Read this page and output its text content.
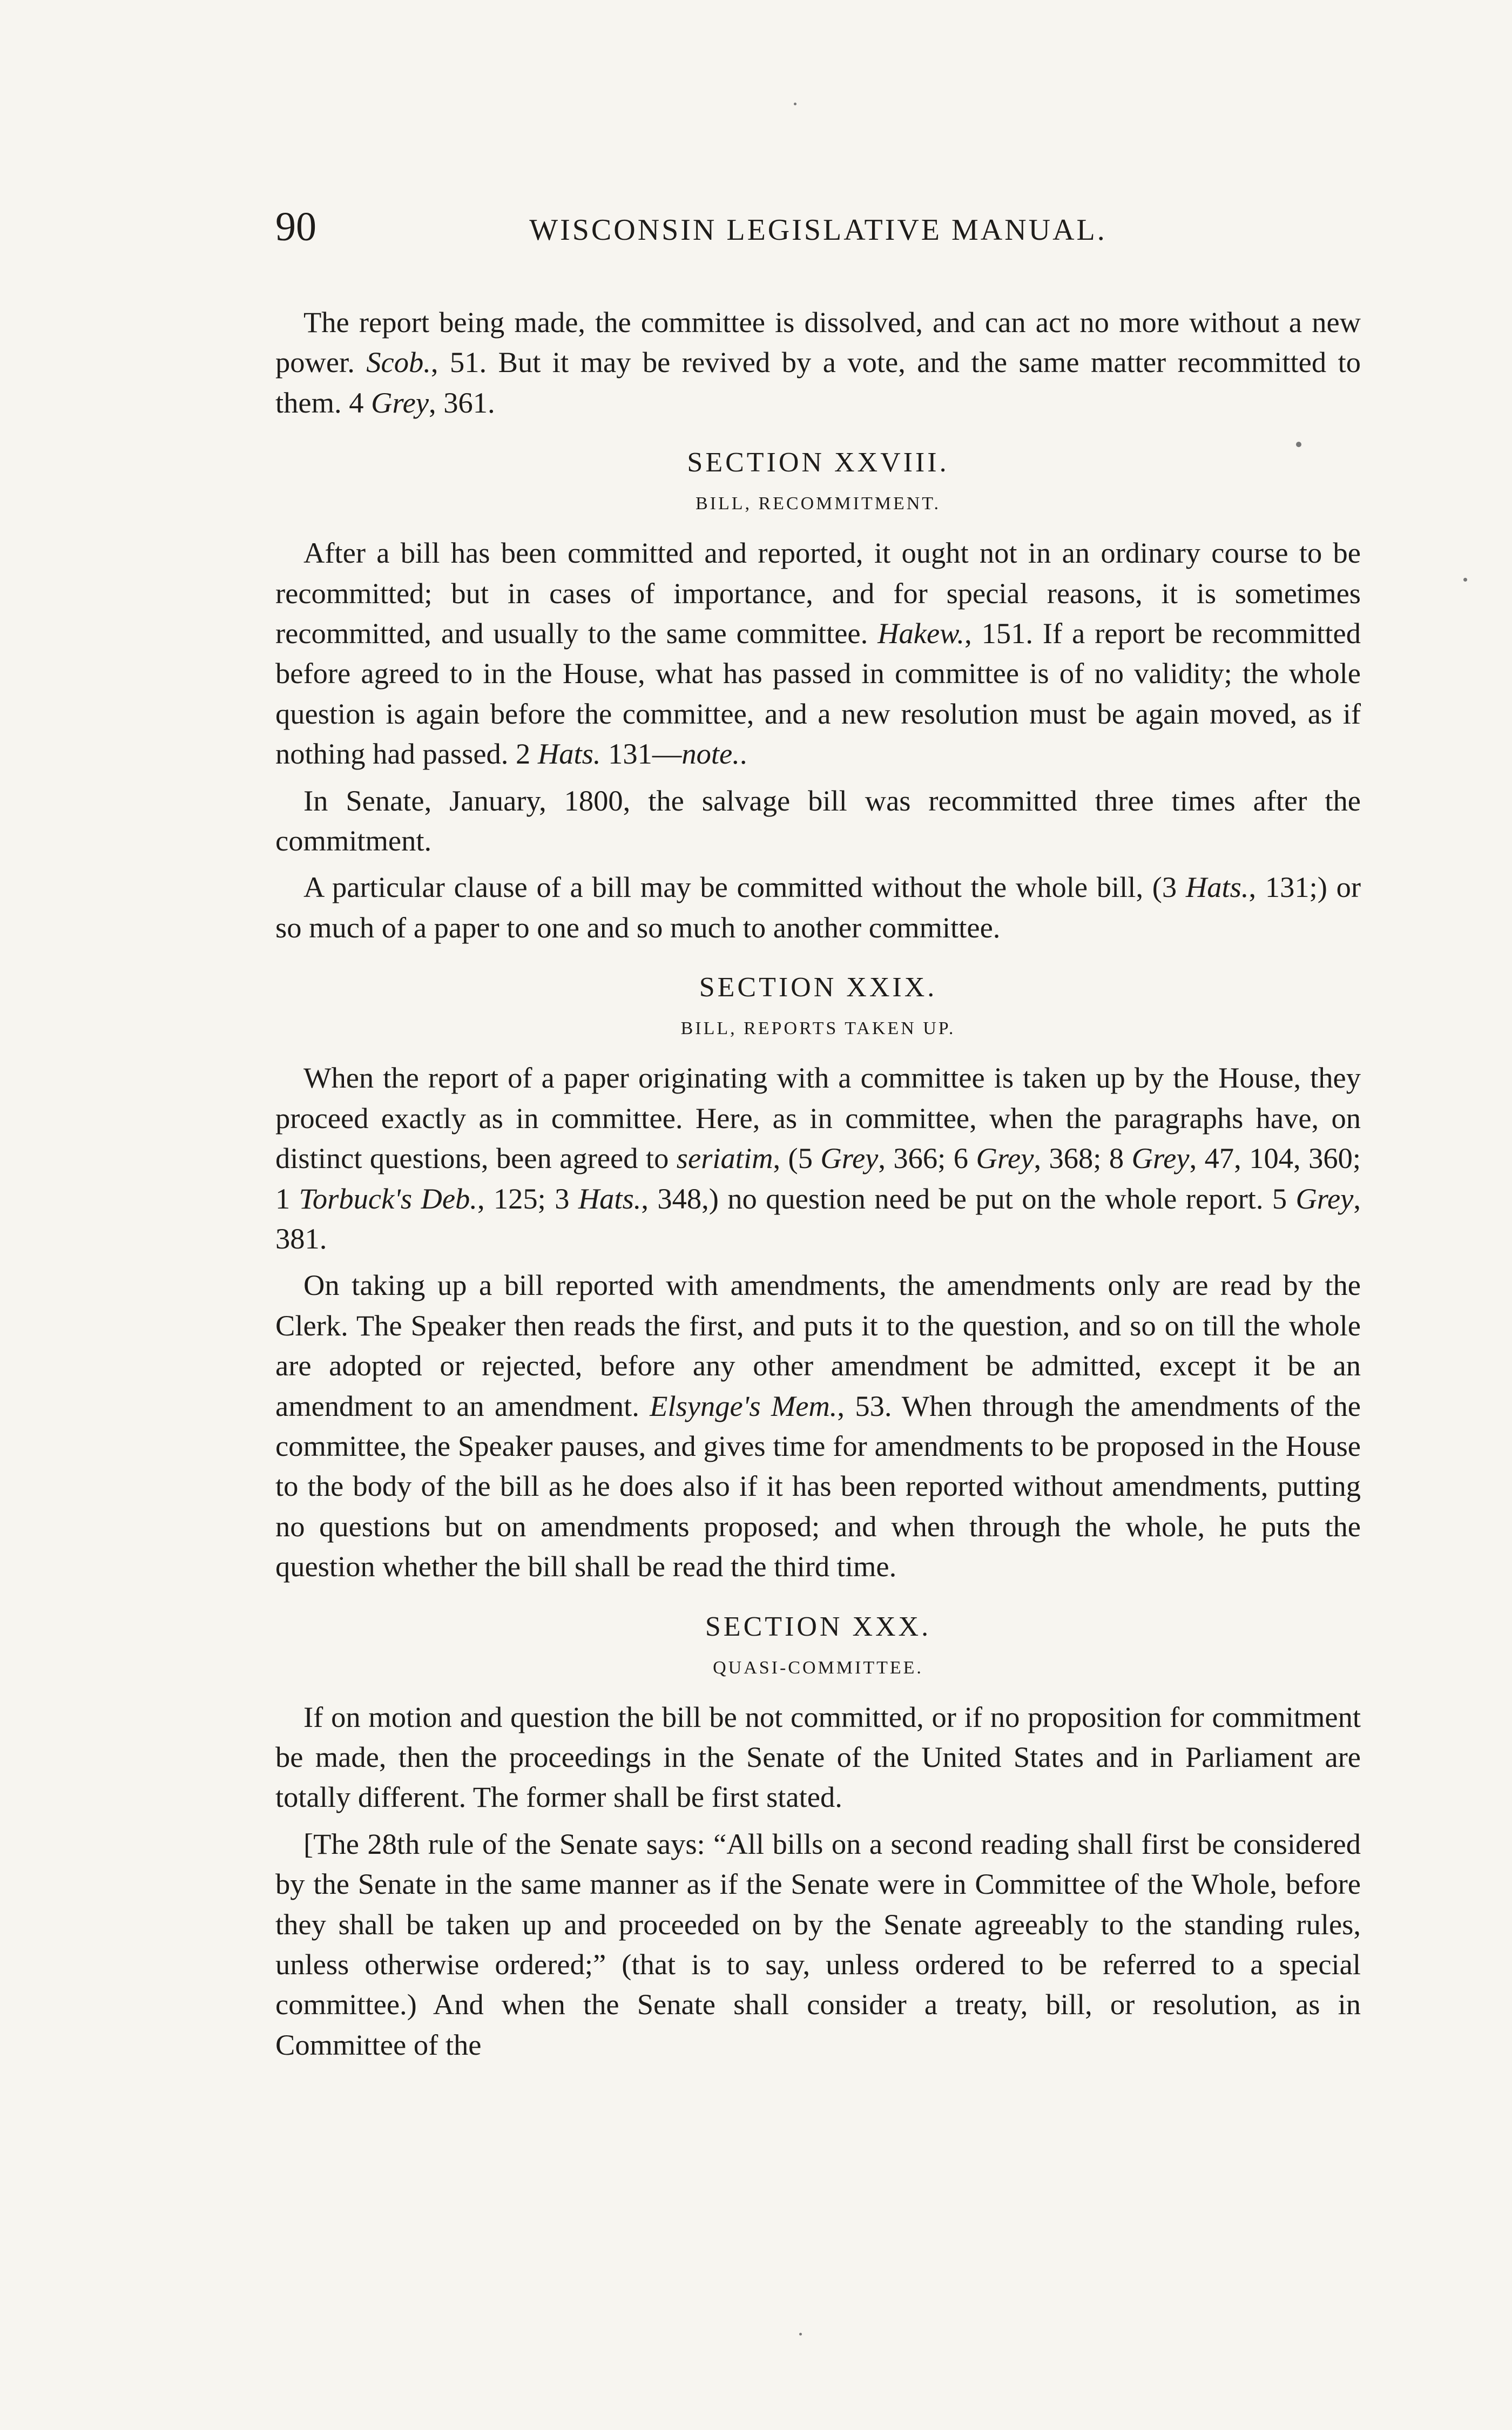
90	WISCONSIN LEGISLATIVE MANUAL.

The report being made, the committee is dissolved, and can act no more without a new power. Scob., 51. But it may be revived by a vote, and the same matter recommitted to them. 4 Grey, 361.

SECTION XXVIII.
BILL, RECOMMITMENT.

After a bill has been committed and reported, it ought not in an ordinary course to be recommitted; but in cases of importance, and for special reasons, it is sometimes recommitted, and usually to the same committee. Hakew., 151. If a report be recommitted before agreed to in the House, what has passed in committee is of no validity; the whole question is again before the committee, and a new resolution must be again moved, as if nothing had passed. 2 Hats. 131—note..

In Senate, January, 1800, the salvage bill was recommitted three times after the commitment.

A particular clause of a bill may be committed without the whole bill, (3 Hats., 131;) or so much of a paper to one and so much to another committee.

SECTION XXIX.
BILL, REPORTS TAKEN UP.

When the report of a paper originating with a committee is taken up by the House, they proceed exactly as in committee. Here, as in committee, when the paragraphs have, on distinct questions, been agreed to seriatim, (5 Grey, 366; 6 Grey, 368; 8 Grey, 47, 104, 360; 1 Torbuck's Deb., 125; 3 Hats., 348,) no question need be put on the whole report. 5 Grey, 381.

On taking up a bill reported with amendments, the amendments only are read by the Clerk. The Speaker then reads the first, and puts it to the question, and so on till the whole are adopted or rejected, before any other amendment be admitted, except it be an amendment to an amendment. Elsynge's Mem., 53. When through the amendments of the committee, the Speaker pauses, and gives time for amendments to be proposed in the House to the body of the bill as he does also if it has been reported without amendments, putting no questions but on amendments proposed; and when through the whole, he puts the question whether the bill shall be read the third time.

SECTION XXX.
QUASI-COMMITTEE.

If on motion and question the bill be not committed, or if no proposition for commitment be made, then the proceedings in the Senate of the United States and in Parliament are totally different. The former shall be first stated.

[The 28th rule of the Senate says: “All bills on a second reading shall first be considered by the Senate in the same manner as if the Senate were in Committee of the Whole, before they shall be taken up and proceeded on by the Senate agreeably to the standing rules, unless otherwise ordered;” (that is to say, unless ordered to be referred to a special committee.) And when the Senate shall consider a treaty, bill, or resolution, as in Committee of the
